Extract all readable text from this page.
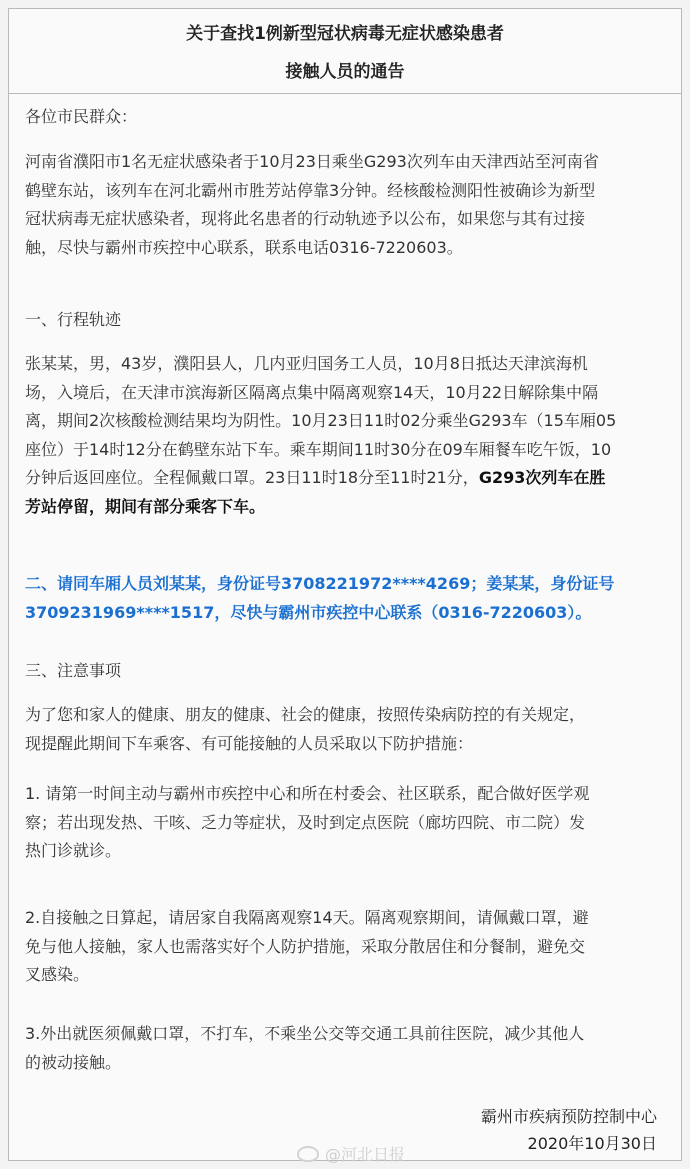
关于查找1例新型冠状病毒无症状感染患者
接触人员的通告
各位市民群众：
河南省濮阳市1名无症状感染者于10月23日乘坐G293次列车由天津西站至河南省
鹤壁东站，该列车在河北霸州市胜芳站停靠3分钟。经核酸检测阳性被确诊为新型
冠状病毒无症状感染者，现将此名患者的行动轨迹予以公布，如果您与其有过接
触，尽快与霸州市疾控中心联系，联系电话0316-7220603。
一、行程轨迹
张某某，男，43岁，濮阳县人，几内亚归国务工人员，10月8日抵达天津滨海机
场，入境后，在天津市滨海新区隔离点集中隔离观察14天，10月22日解除集中隔
离，期间2次核酸检测结果均为阴性。10月23日11时02分乘坐G293车（15车厢05
座位）于14时12分在鹤壁东站下车。乘车期间11时30分在09车厢餐车吃午饭，10
分钟后返回座位。全程佩戴口罩。23日11时18分至11时21分，G293次列车在胜
芳站停留，期间有部分乘客下车。
二、请同车厢人员刘某某，身份证号3708221972****4269；姜某某，身份证号
3709231969****1517，尽快与霸州市疾控中心联系（0316-7220603）。
三、注意事项
为了您和家人的健康、朋友的健康、社会的健康，按照传染病防控的有关规定，
现提醒此期间下车乘客、有可能接触的人员采取以下防护措施：
1. 请第一时间主动与霸州市疾控中心和所在村委会、社区联系，配合做好医学观
察；若出现发热、干咳、乏力等症状，及时到定点医院（廊坊四院、市二院）发
热门诊就诊。
2.自接触之日算起，请居家自我隔离观察14天。隔离观察期间，请佩戴口罩，避
免与他人接触，家人也需落实好个人防护措施，采取分散居住和分餐制，避免交
叉感染。
3.外出就医须佩戴口罩，不打车，不乘坐公交等交通工具前往医院，减少其他人
的被动接触。
霸州市疾病预防控制中心
2020年10月30日
@河北日报
